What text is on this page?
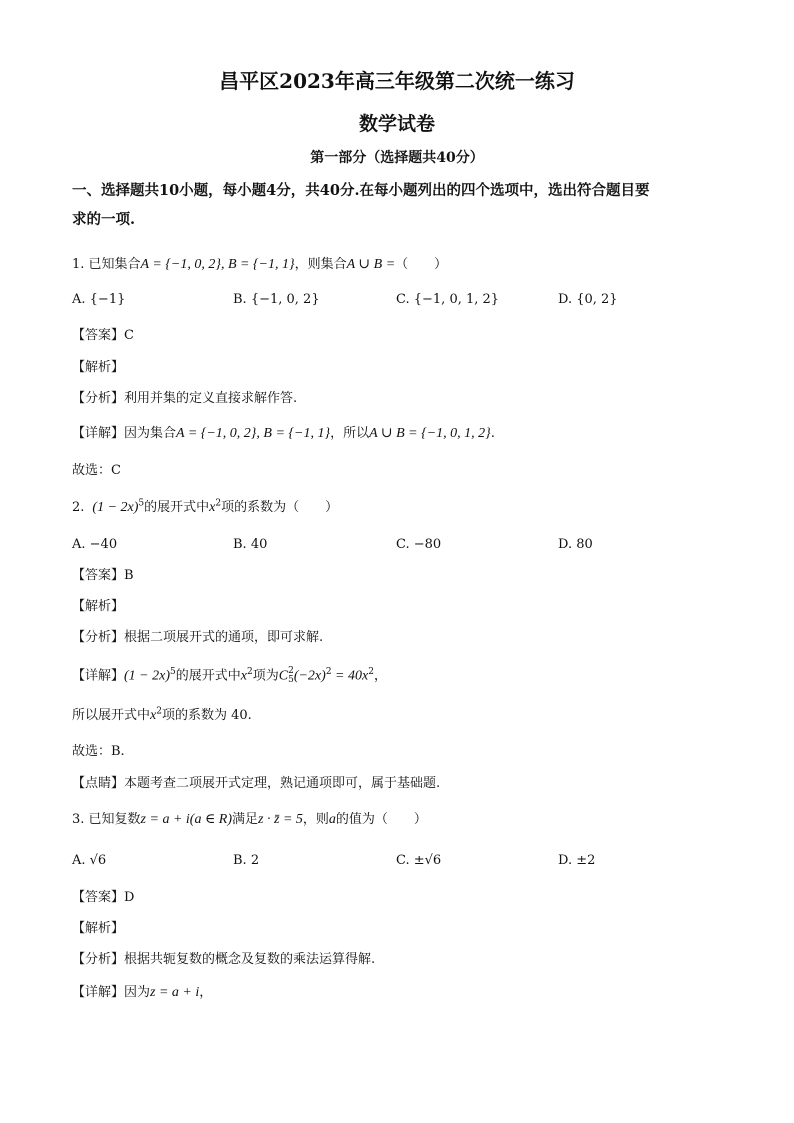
昌平区2023年高三年级第二次统一练习
数学试卷
第一部分（选择题共40分）
一、选择题共10小题，每小题4分，共40分.在每小题列出的四个选项中，选出符合题目要
求的一项.
1. 已知集合A = {−1, 0, 2}, B = {−1, 1}，则集合A ∪ B =（　　）
A. {−1}	B. {−1, 0, 2}	C. {−1, 0, 1, 2}	D. {0, 2}
【答案】C
【解析】
【分析】利用并集的定义直接求解作答.
【详解】因为集合A = {−1, 0, 2}, B = {−1, 1}，所以A ∪ B = {−1, 0, 1, 2}.
故选：C
2. $(1 - 2x)^5$的展开式中$x^2$项的系数为（　　）
A. −40	B. 40	C. −80	D. 80
【答案】B
【解析】
【分析】根据二项展开式的通项，即可求解.
【详解】$(1 - 2x)^5$的展开式中$x^2$项为C 2
5 $(-2x)^2 = 40x^2$，
所以展开式中$x^2$项的系数为 40.
故选：B.
【点睛】本题考查二项展开式定理，熟记通项即可，属于基础题.
3. 已知复数z = a + i(a ∈ R)满足z · z̄ = 5，则a的值为（　　）
A. √6	B. 2	C. ±√6	D. ±2
【答案】D
【解析】
【分析】根据共轭复数的概念及复数的乘法运算得解.
【详解】因为z = a + i，
